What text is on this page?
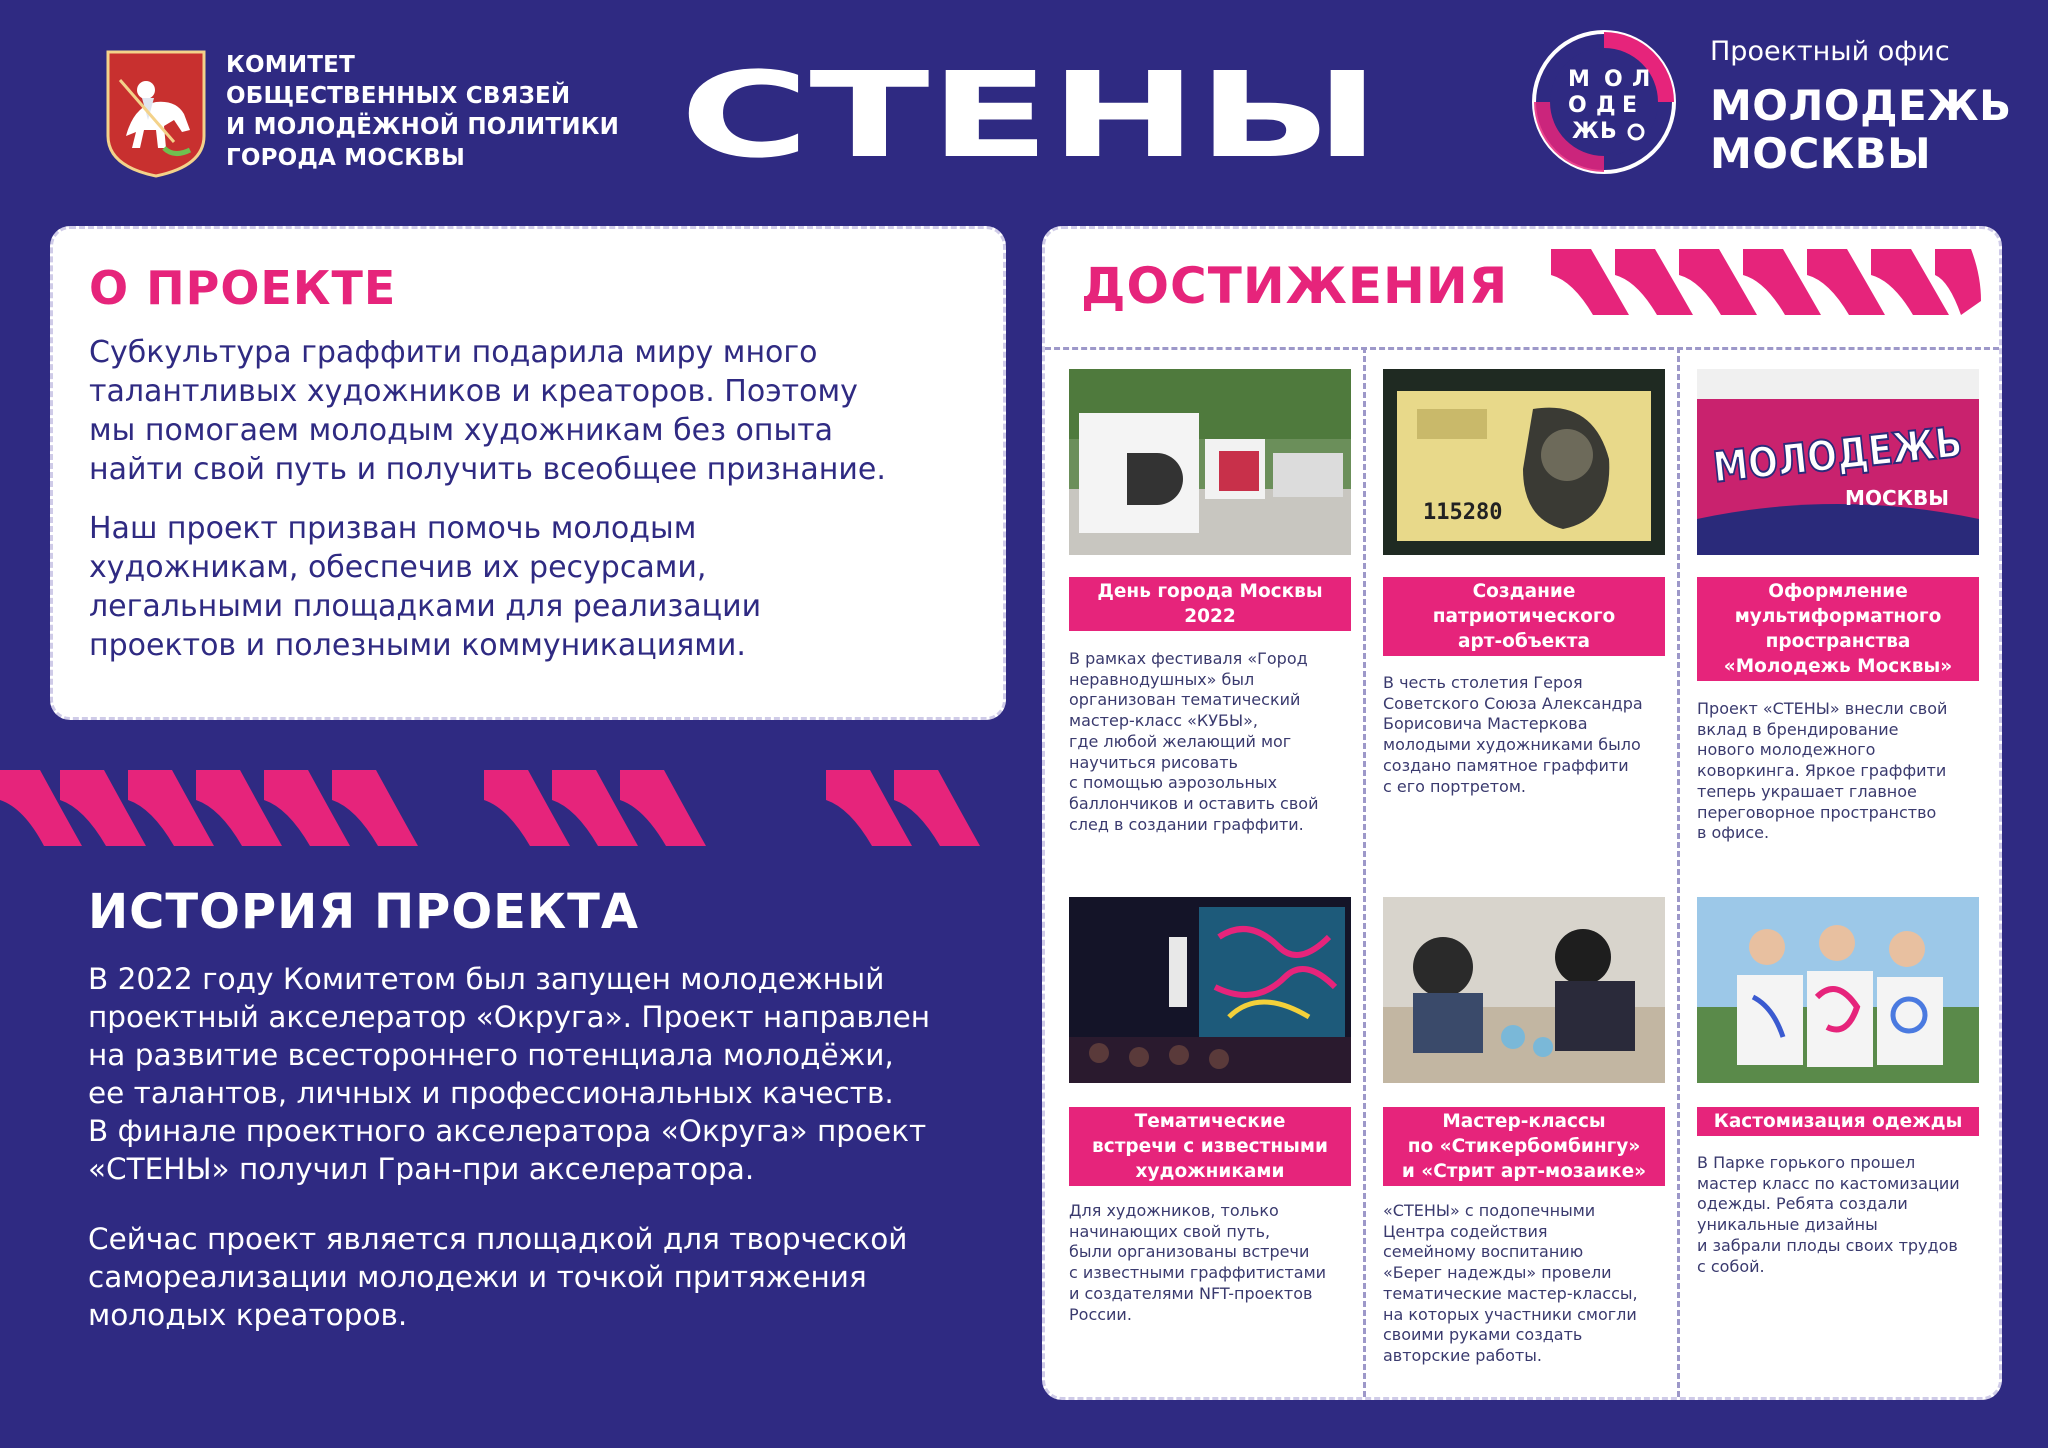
КОМИТЕТ
ОБЩЕСТВЕННЫХ СВЯЗЕЙ
И МОЛОДЁЖНОЙ ПОЛИТИКИ
ГОРОДА МОСКВЫ	СТЕНЫ	М О Л
О Д Е
Ж Ь
Проектный офис
МОЛОДЕЖЬ
МОСКВЫ
О ПРОЕКТЕ
Субкультура граффити подарила миру много
талантливых художников и креаторов. Поэтому
мы помогаем молодым художникам без опыта
найти свой путь и получить всеобщее признание.
Наш проект призван помочь молодым
художникам, обеспечив их ресурсами,
легальными площадками для реализации
проектов и полезными коммуникациями.
ИСТОРИЯ ПРОЕКТА
В 2022 году Комитетом был запущен молодежный
проектный акселератор «Округа». Проект направлен
на развитие всестороннего потенциала молодёжи,
ее талантов, личных и профессиональных качеств.
В финале проектного акселератора «Округа» проект
«СТЕНЫ» получил Гран-при акселератора.
Сейчас проект является площадкой для творческой
самореализации молодежи и точкой притяжения
молодых креаторов.
ДОСТИЖЕНИЯ
День города Москвы
2022
В рамках фестиваля «Город
неравнодушных» был
организован тематический
мастер-класс «КУБЫ»,
где любой желающий мог
научиться рисовать
с помощью аэрозольных
баллончиков и оставить свой
след в создании граффити.
115280
Создание
патриотического
арт-объекта
В честь столетия Героя
Советского Союза Александра
Борисовича Мастеркова
молодыми художниками было
создано памятное граффити
с его портретом.
МОЛОДЕЖЬ
МОСКВЫ
Оформление
мультиформатного
пространства
«Молодежь Москвы»
Проект «СТЕНЫ» внесли свой
вклад в брендирование
нового молодежного
коворкинга. Яркое граффити
теперь украшает главное
переговорное пространство
в офисе.
Тематические
встречи с известными
художниками
Для художников, только
начинающих свой путь,
были организованы встречи
с известными граффитистами
и создателями NFT-проектов
России.
Мастер-классы
по «Стикербомбингу»
и «Стрит арт-мозаике»
«СТЕНЫ» с подопечными
Центра содействия
семейному воспитанию
«Берег надежды» провели
тематические мастер-классы,
на которых участники смогли
своими руками создать
авторские работы.
Кастомизация одежды
В Парке горького прошел
мастер класс по кастомизации
одежды. Ребята создали
уникальные дизайны
и забрали плоды своих трудов
с собой.
